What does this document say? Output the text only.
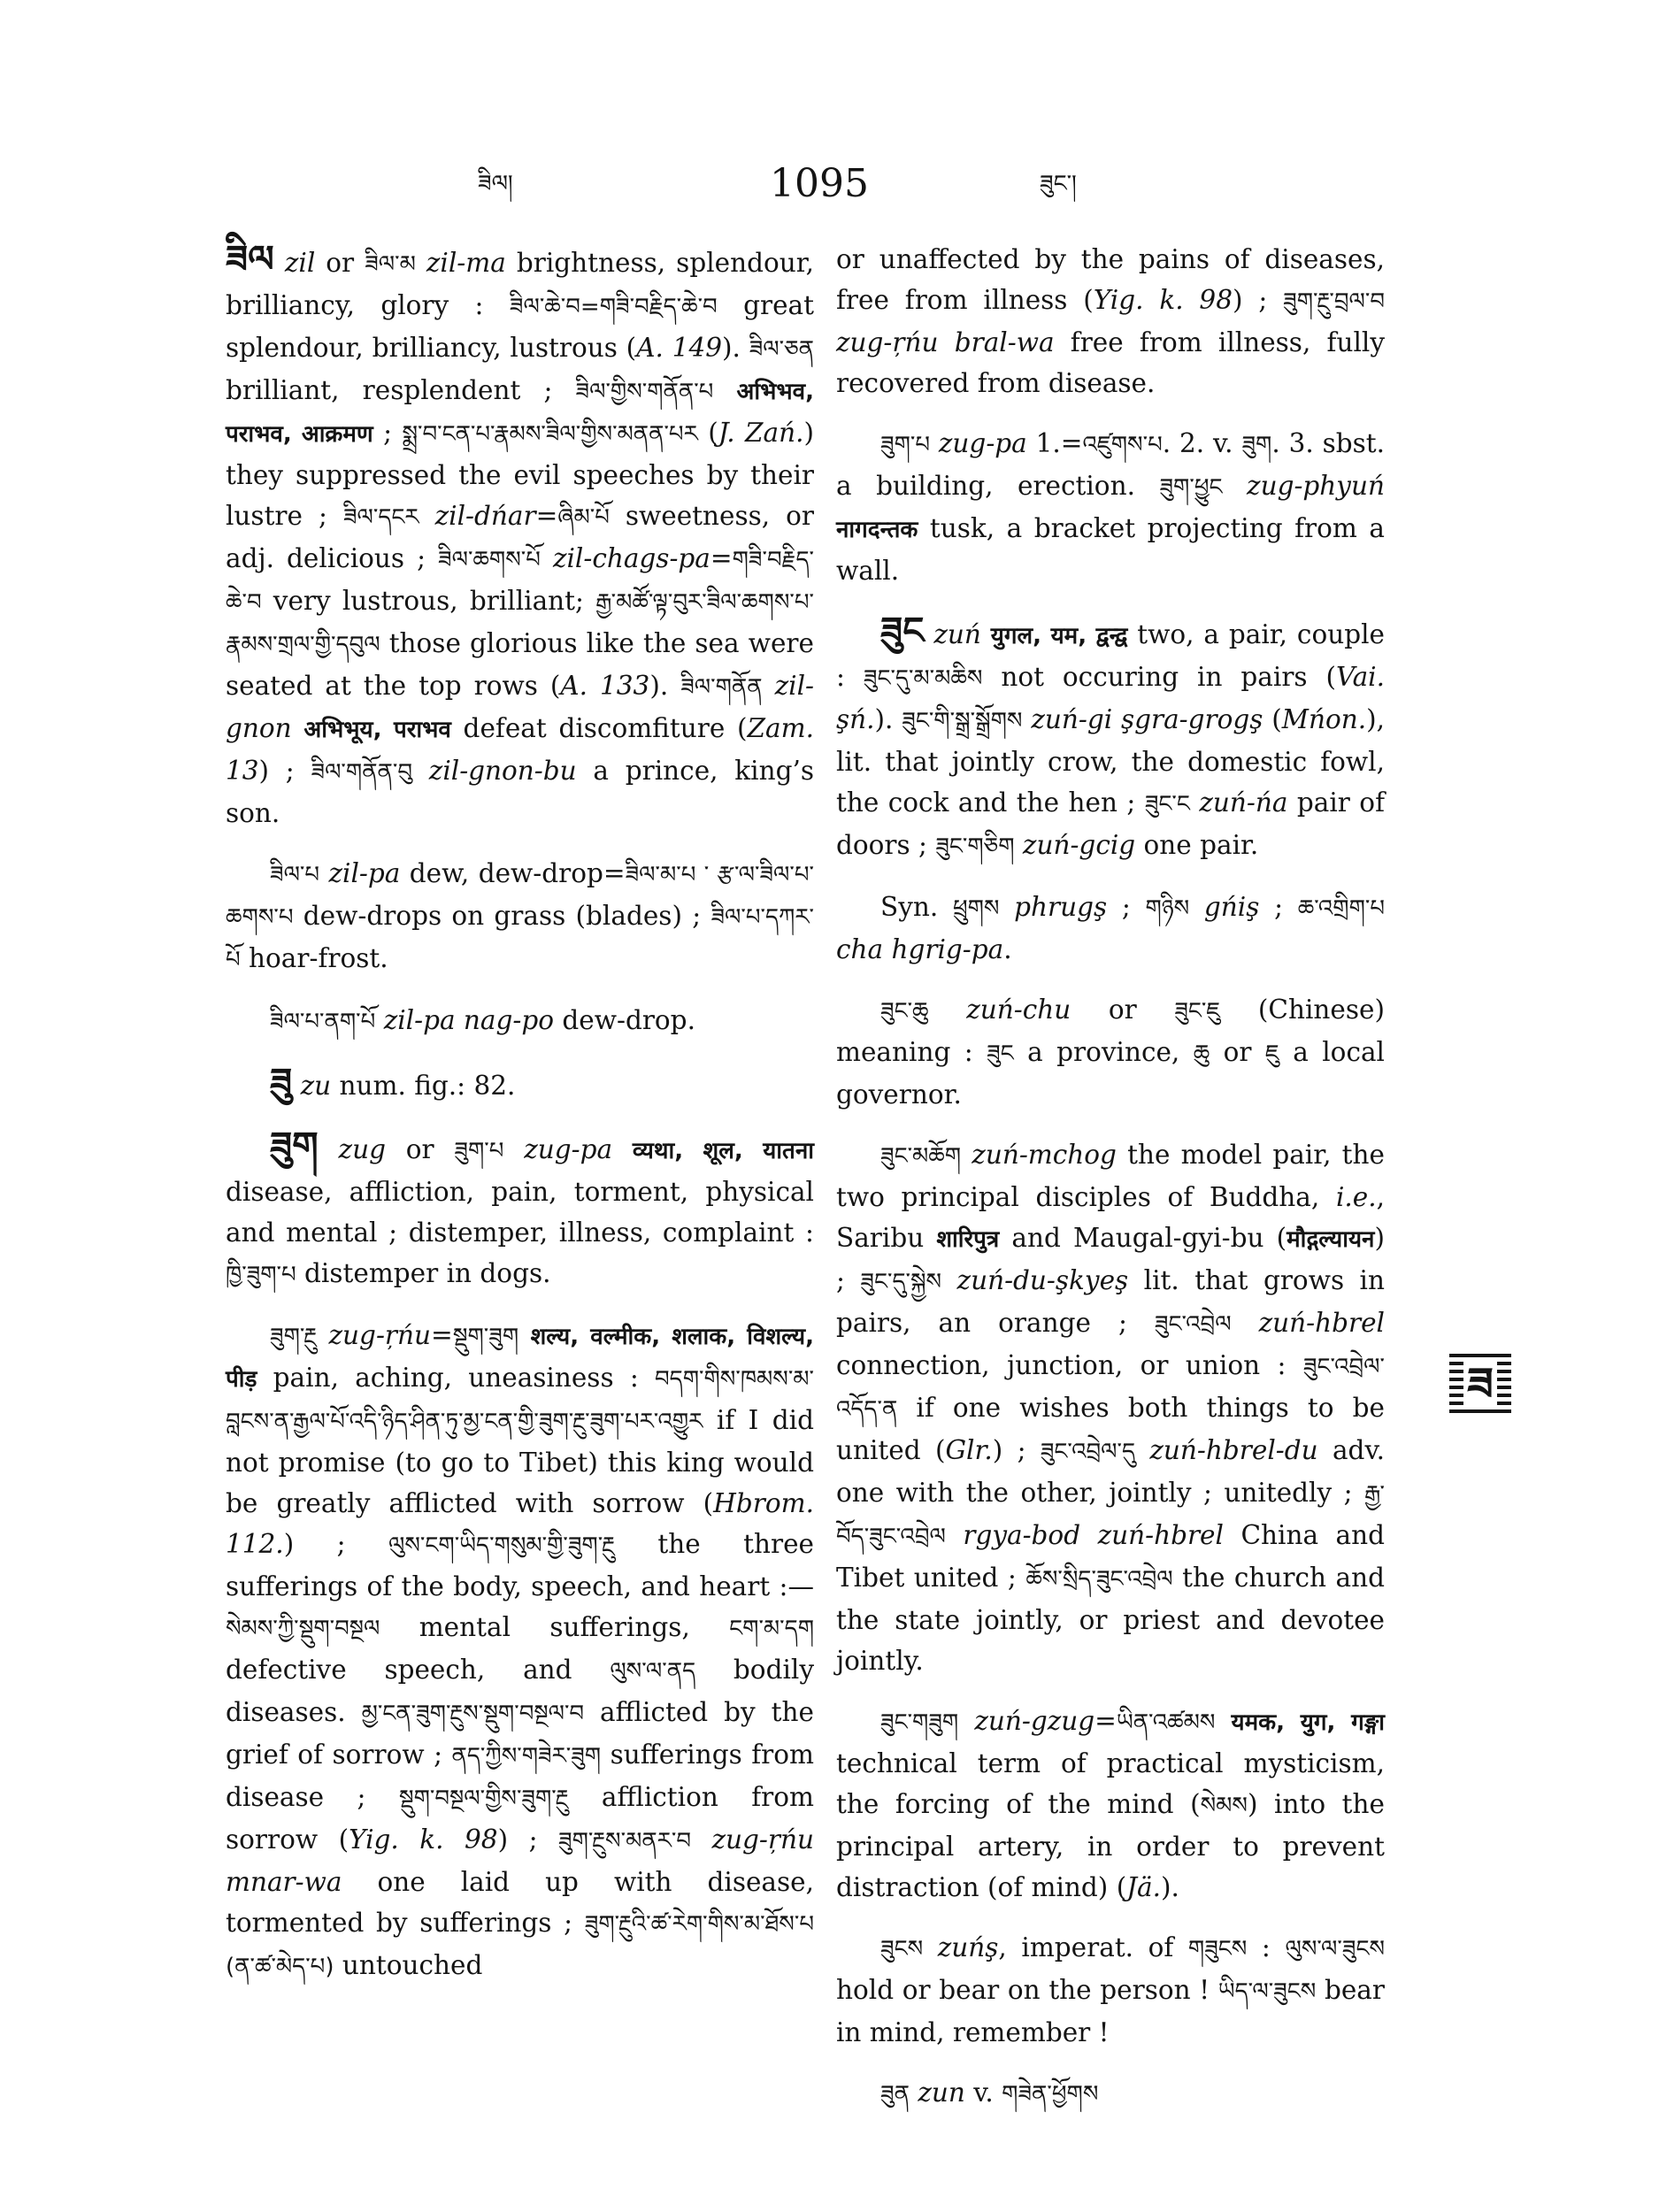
ཟིལ།	1095	ཟུང་།

ཟིལ zil or ཟིལ་མ zil-ma brightness, splendour, brilliancy, glory : ཟིལ་ཆེ་བ=གཟི་བརྗིད་ཆེ་བ great splendour, brilliancy, lustrous (A. 149). ཟིལ་ཅན brilliant, resplendent ; ཟིལ་གྱིས་གནོན་པ अभिभव, पराभव, आक्रमण ; སྨྲ་བ་ངན་པ་རྣམས་ཟིལ་གྱིས་མནན་པར (J. Zań.) they suppressed the evil speeches by their lustre ; ཟིལ་དངར zil-dńar=ཞིམ་པོ sweetness, or adj. delicious ; ཟིལ་ཆགས་པོ zil-chags-pa=གཟི་བརྗིད་ཆེ་བ very lustrous, brilliant; རྒྱ་མཚོ་ལྟ་བུར་ཟིལ་ཆགས་པ་རྣམས་གྲལ་གྱི་དབུལ those glorious like the sea were seated at the top rows (A. 133). ཟིལ་གནོན zil-gnon अभिभूय, पराभव defeat discomfiture (Zam. 13) ; ཟིལ་གནོན་བུ zil-gnon-bu a prince, king’s son.

ཟིལ་པ zil-pa dew, dew-drop=ཟིལ་མ་པ ་ རྩ་ལ་ཟིལ་པ་ཆགས་པ dew-drops on grass (blades) ; ཟིལ་པ་དཀར་པོ hoar-frost.

ཟིལ་པ་ནག་པོ zil-pa nag-po dew-drop.

ཟུ zu num. fig.: 82.

ཟུག zug or ཟུག་པ zug-pa व्यथा, शूल, यातना disease, affliction, pain, torment, physical and mental ; distemper, illness, complaint : ཁྱི་ཟུག་པ distemper in dogs.

ཟུག་རྔུ zug-ŗńu=སྡུག་ཟུག शल्य, वल्मीक, शलाक, विशल्य, पीड़ pain, aching, uneasiness : བདག་གིས་ཁམས་མ་བླངས་ན་རྒྱལ་པོ་འདི་ཉིད་ཤིན་ཏུ་མྱ་ངན་གྱི་ཟུག་རྔུ་ཟུག་པར་འགྱུར if I did not promise (to go to Tibet) this king would be greatly afflicted with sorrow (Hbrom. 112.) ; ལུས་ངག་ཡིད་གསུམ་གྱི་ཟུག་རྔུ the three sufferings of the body, speech, and heart :—སེམས་ཀྱི་སྡུག་བསྔལ mental sufferings, ངག་མ་དག defective speech, and ལུས་ལ་ནད bodily diseases. མྱ་ངན་ཟུག་རྔུས་སྡུག་བསྔལ་བ afflicted by the grief of sorrow ; ནད་ཀྱིས་གཟེར་ཟུག sufferings from disease ; སྡུག་བསྔལ་གྱིས་ཟུག་རྔུ affliction from sorrow (Yig. k. 98) ; ཟུག་རྔུས་མནར་བ zug-ŗńu mnar-wa one laid up with disease, tormented by sufferings ; ཟུག་རྔུའི་ཚ་རེག་གིས་མ་ཐོས་པ (ན་ཚ་མེད་པ) untouched

or unaffected by the pains of diseases, free from illness (Yig. k. 98) ; ཟུག་རྔུ་བྲལ་བ zug-ŗńu bral-wa free from illness, fully recovered from disease.

ཟུག་པ zug-pa 1.=འཛུགས་པ. 2. v. ཟུག. 3. sbst. a building, erection. ཟུག་ཕྱུང zug-phyuń नागदन्तक tusk, a bracket projecting from a wall.

ཟུང zuń युगल, यम, द्वन्द्व two, a pair, couple : ཟུང་དུ་མ་མཆིས not occuring in pairs (Vai. şń.). ཟུང་གི་སྒྲ་སྒྲོགས zuń-gi şgra-grogş (Mńon.), lit. that jointly crow, the domestic fowl, the cock and the hen ; ཟུང་ང zuń-ńa pair of doors ; ཟུང་གཅིག zuń-gcig one pair.

Syn. ཕྲུགས phrugş ; གཉིས gńiş ; ཆ་འགྲིག་པ cha hgrig-pa.

ཟུང་ཆུ zuń-chu or ཟུང་ཇུ (Chinese) meaning : ཟུང a province, ཆུ or ཇུ a local governor.

ཟུང་མཆོག zuń-mchog the model pair, the two principal disciples of Buddha, i.e., Saribu शारिपुत्र and Maugal-gyi-bu (मौद्गल्यायन) ; ཟུང་དུ་སྐྱེས zuń-du-şkyeş lit. that grows in pairs, an orange ; ཟུང་འབྲེལ zuń-hbrel connection, junction, or union : ཟུང་འབྲེལ་འདོད་ན if one wishes both things to be united (Glr.) ; ཟུང་འབྲེལ་དུ zuń-hbrel-du adv. one with the other, jointly ; unitedly ; རྒྱ་བོད་ཟུང་འབྲེལ rgya-bod zuń-hbrel China and Tibet united ; ཆོས་སྲིད་ཟུང་འབྲེལ the church and the state jointly, or priest and devotee jointly.

ཟུང་གཟུག zuń-gzug=ཡིན་འཚམས यमक, युग, गङ्गा technical term of practical mysticism, the forcing of the mind (སེམས) into the principal artery, in order to prevent distraction (of mind) (Jä.).

ཟུངས zuńş, imperat. of གཟུངས : ལུས་ལ་ཟུངས hold or bear on the person ! ཡིད་ལ་ཟུངས bear in mind, remember !

ཟུན zun v. གཟེན་ཕྱོགས

ཟ
